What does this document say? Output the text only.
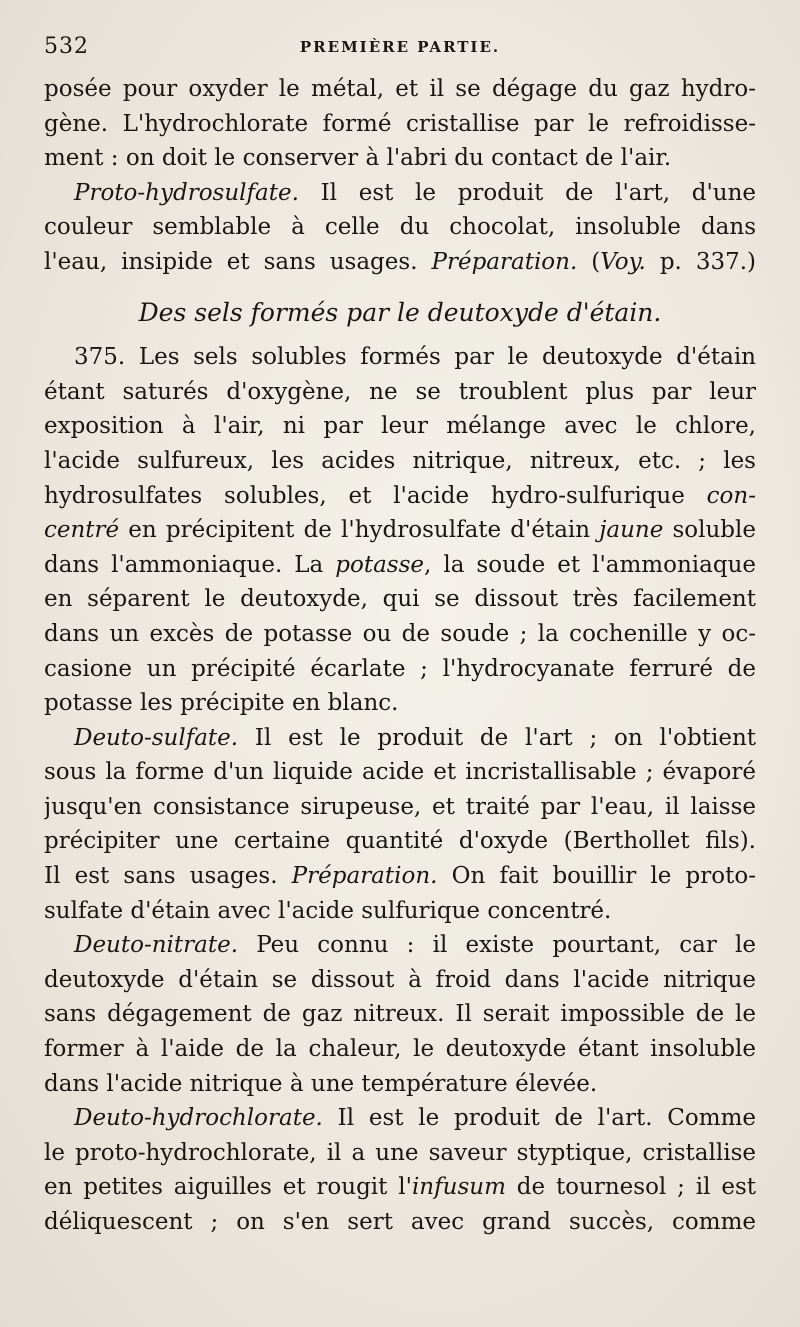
532	PREMIÈRE PARTIE.
posée pour oxyder le métal, et il se dégage du gaz hydro-
gène. L'hydrochlorate formé cristallise par le refroidisse-
ment : on doit le conserver à l'abri du contact de l'air.
Proto-hydrosulfate. Il est le produit de l'art, d'une
couleur semblable à celle du chocolat, insoluble dans
l'eau, insipide et sans usages. Préparation. (Voy. p. 337.)
Des sels formés par le deutoxyde d'étain.
375. Les sels solubles formés par le deutoxyde d'étain
étant saturés d'oxygène, ne se troublent plus par leur
exposition à l'air, ni par leur mélange avec le chlore,
l'acide sulfureux, les acides nitrique, nitreux, etc. ; les
hydrosulfates solubles, et l'acide hydro-sulfurique con-
centré en précipitent de l'hydrosulfate d'étain jaune soluble
dans l'ammoniaque. La potasse, la soude et l'ammoniaque
en séparent le deutoxyde, qui se dissout très facilement
dans un excès de potasse ou de soude ; la cochenille y oc-
casione un précipité écarlate ; l'hydrocyanate ferruré de
potasse les précipite en blanc.
Deuto-sulfate. Il est le produit de l'art ; on l'obtient
sous la forme d'un liquide acide et incristallisable ; évaporé
jusqu'en consistance sirupeuse, et traité par l'eau, il laisse
précipiter une certaine quantité d'oxyde (Berthollet fils).
Il est sans usages. Préparation. On fait bouillir le proto-
sulfate d'étain avec l'acide sulfurique concentré.
Deuto-nitrate. Peu connu : il existe pourtant, car le
deutoxyde d'étain se dissout à froid dans l'acide nitrique
sans dégagement de gaz nitreux. Il serait impossible de le
former à l'aide de la chaleur, le deutoxyde étant insoluble
dans l'acide nitrique à une température élevée.
Deuto-hydrochlorate. Il est le produit de l'art. Comme
le proto-hydrochlorate, il a une saveur styptique, cristallise
en petites aiguilles et rougit l'infusum de tournesol ; il est
déliquescent ; on s'en sert avec grand succès, comme
